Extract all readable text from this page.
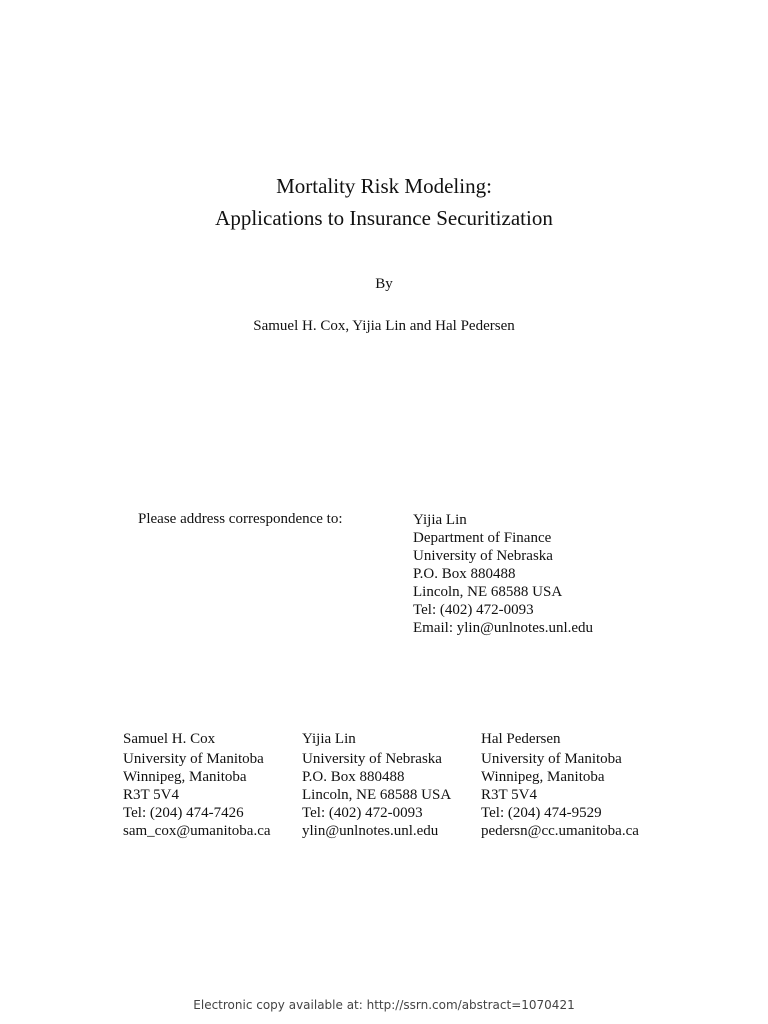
Mortality Risk Modeling:
Applications to Insurance Securitization
By
Samuel H. Cox, Yijia Lin and Hal Pedersen
Please address correspondence to:	Yijia Lin
Department of Finance
University of Nebraska
P.O. Box 880488
Lincoln, NE 68588 USA
Tel: (402) 472-0093
Email: ylin@unlnotes.unl.edu
Samuel H. Cox
University of Manitoba
Winnipeg, Manitoba
R3T 5V4
Tel: (204) 474-7426
sam_cox@umanitoba.ca
Yijia Lin
University of Nebraska
P.O. Box 880488
Lincoln, NE 68588 USA
Tel: (402) 472-0093
ylin@unlnotes.unl.edu
Hal Pedersen
University of Manitoba
Winnipeg, Manitoba
R3T 5V4
Tel: (204) 474-9529
pedersn@cc.umanitoba.ca
Electronic copy available at: http://ssrn.com/abstract=1070421
